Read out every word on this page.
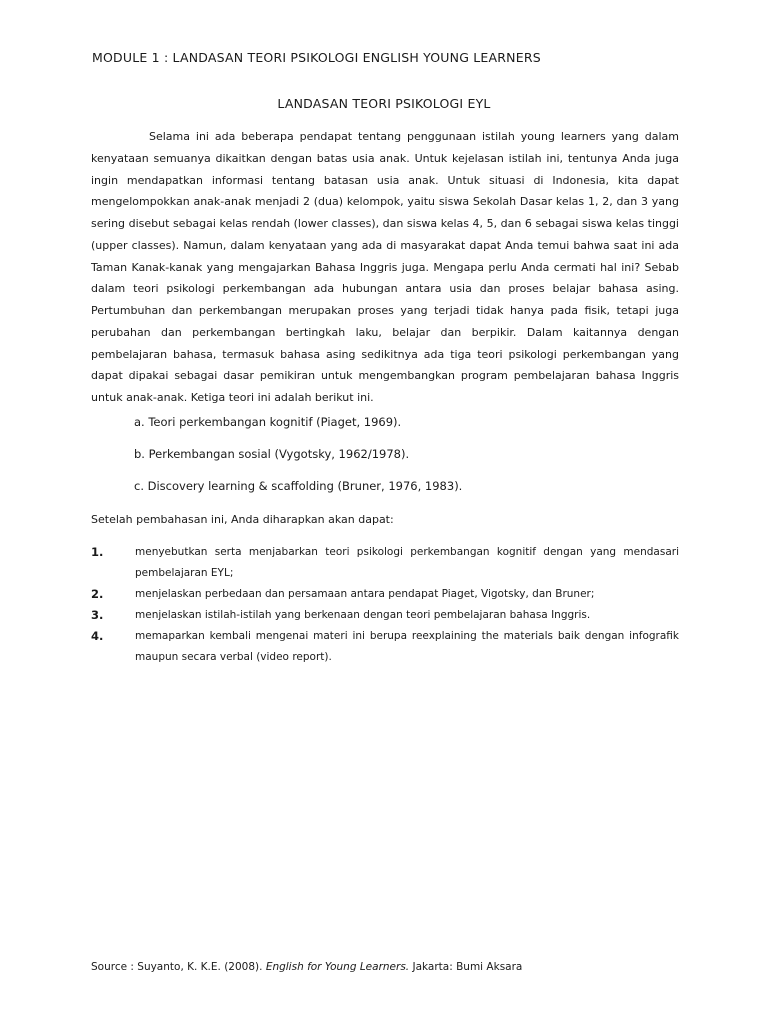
MODULE 1 : LANDASAN TEORI PSIKOLOGI ENGLISH YOUNG LEARNERS
LANDASAN TEORI PSIKOLOGI EYL

Selama ini ada beberapa pendapat tentang penggunaan istilah young learners yang dalam kenyataan semuanya dikaitkan dengan batas usia anak. Untuk kejelasan istilah ini, tentunya Anda juga ingin mendapatkan informasi tentang batasan usia anak. Untuk situasi di Indonesia, kita dapat mengelompokkan anak-anak menjadi 2 (dua) kelompok, yaitu siswa Sekolah Dasar kelas 1, 2, dan 3 yang sering disebut sebagai kelas rendah (lower classes), dan siswa kelas 4, 5, dan 6 sebagai siswa kelas tinggi (upper classes). Namun, dalam kenyataan yang ada di masyarakat dapat Anda temui bahwa saat ini ada Taman Kanak-kanak yang mengajarkan Bahasa Inggris juga. Mengapa perlu Anda cermati hal ini? Sebab dalam teori psikologi perkembangan ada hubungan antara usia dan proses belajar bahasa asing. Pertumbuhan dan perkembangan merupakan proses yang terjadi tidak hanya pada fisik, tetapi juga perubahan dan perkembangan bertingkah laku, belajar dan berpikir. Dalam kaitannya dengan pembelajaran bahasa, termasuk bahasa asing sedikitnya ada tiga teori psikologi perkembangan yang dapat dipakai sebagai dasar pemikiran untuk mengembangkan program pembelajaran bahasa Inggris untuk anak-anak. Ketiga teori ini adalah berikut ini.

a. Teori perkembangan kognitif (Piaget, 1969).
b. Perkembangan sosial (Vygotsky, 1962/1978).
c. Discovery learning & scaffolding (Bruner, 1976, 1983).
Setelah pembahasan ini, Anda diharapkan akan dapat:
1.	menyebutkan serta menjabarkan teori psikologi perkembangan kognitif dengan yang mendasari pembelajaran EYL;
2.	menjelaskan perbedaan dan persamaan antara pendapat Piaget, Vigotsky, dan Bruner;
3.	menjelaskan istilah-istilah yang berkenaan dengan teori pembelajaran bahasa Inggris.
4.	memaparkan kembali mengenai materi ini berupa reexplaining the materials baik dengan infografik maupun secara verbal (video report).
Source : Suyanto, K. K.E. (2008). English for Young Learners. Jakarta: Bumi Aksara
